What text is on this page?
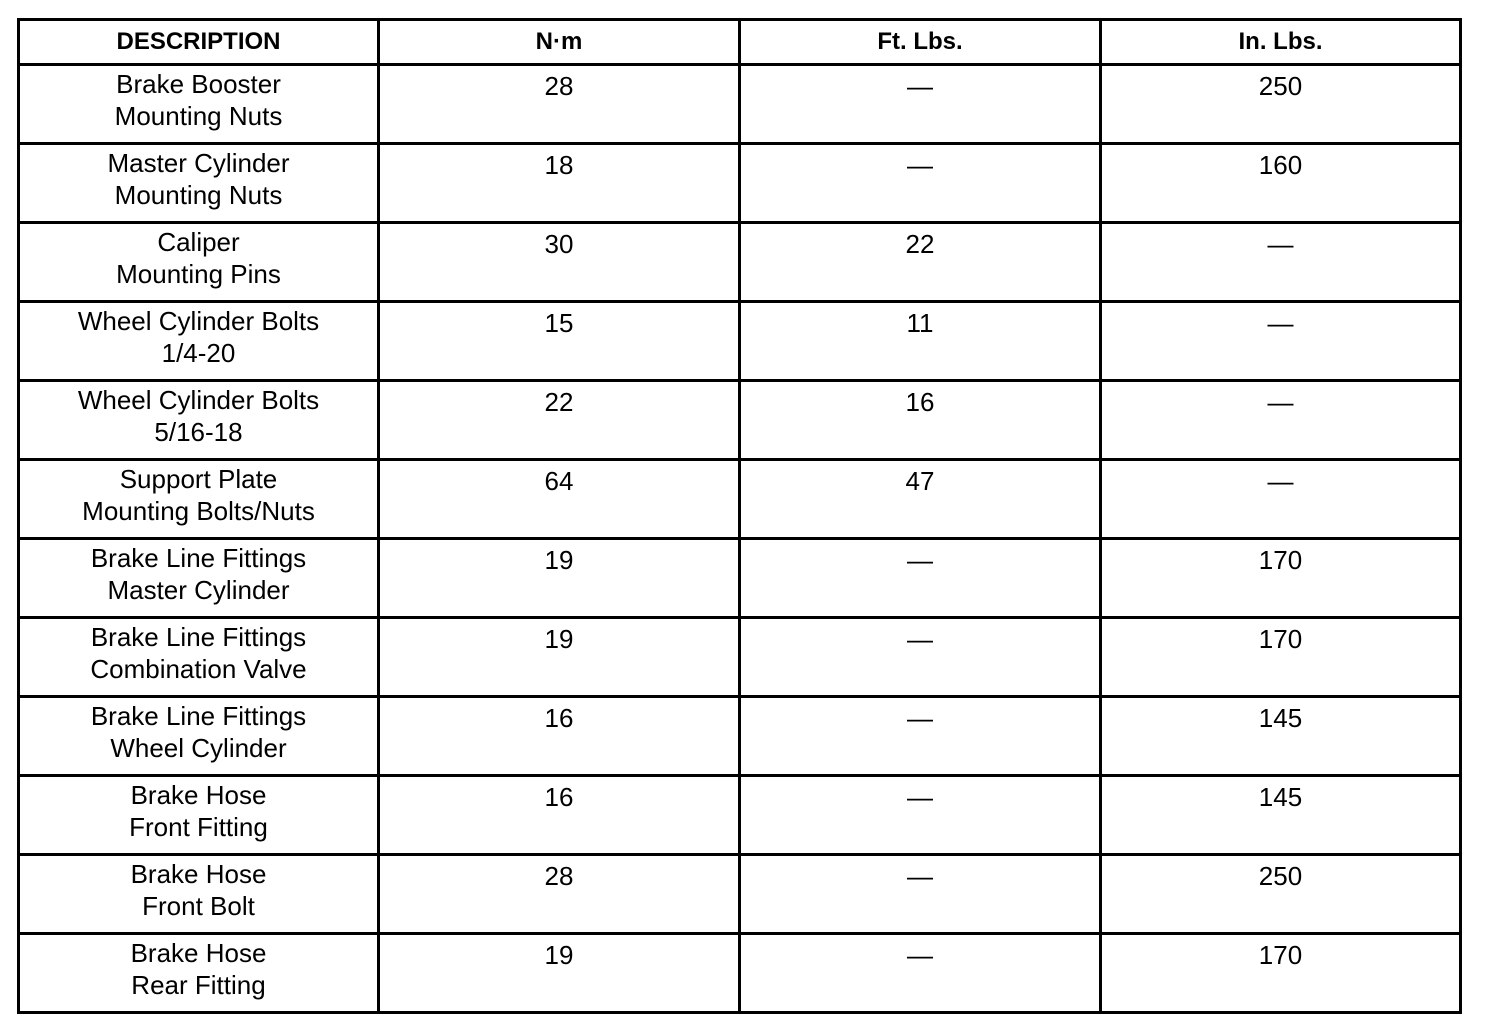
DESCRIPTION	N·m	Ft. Lbs.	In. Lbs.

Brake Booster
Mounting Nuts	28	—	250

Master Cylinder
Mounting Nuts	18	—	160

Caliper
Mounting Pins	30	22	—

Wheel Cylinder Bolts
1/4-20	15	11	—

Wheel Cylinder Bolts
5/16-18	22	16	—

Support Plate
Mounting Bolts/Nuts	64	47	—

Brake Line Fittings
Master Cylinder	19	—	170

Brake Line Fittings
Combination Valve	19	—	170

Brake Line Fittings
Wheel Cylinder	16	—	145

Brake Hose
Front Fitting	16	—	145

Brake Hose
Front Bolt	28	—	250

Brake Hose
Rear Fitting	19	—	170
